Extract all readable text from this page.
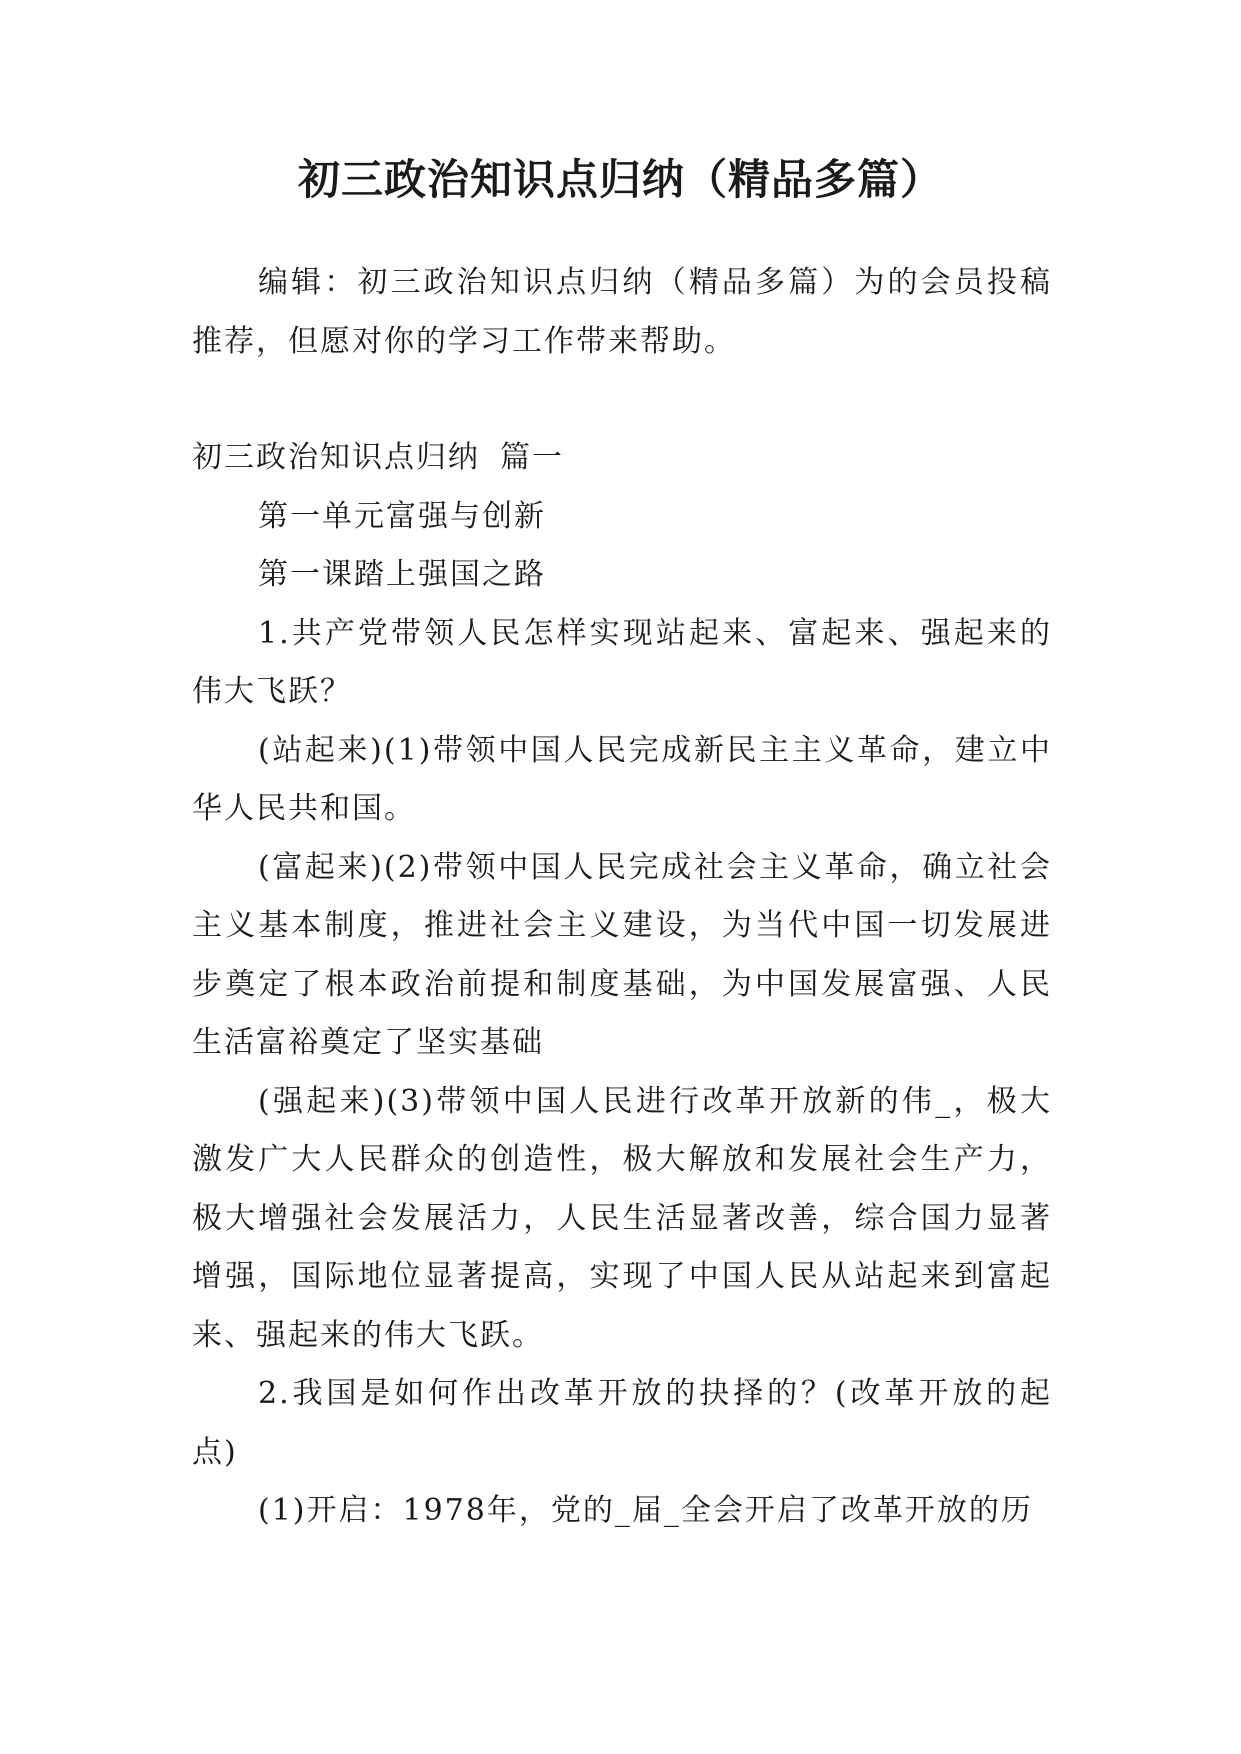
初三政治知识点归纳（精品多篇）

编辑：初三政治知识点归纳（精品多篇）为的会员投稿推荐，但愿对你的学习工作带来帮助。

初三政治知识点归纳 篇一

第一单元富强与创新

第一课踏上强国之路

1.共产党带领人民怎样实现站起来、富起来、强起来的伟大飞跃？

(站起来)(1)带领中国人民完成新民主主义革命，建立中华人民共和国。

(富起来)(2)带领中国人民完成社会主义革命，确立社会主义基本制度，推进社会主义建设，为当代中国一切发展进步奠定了根本政治前提和制度基础，为中国发展富强、人民生活富裕奠定了坚实基础

(强起来)(3)带领中国人民进行改革开放新的伟_，极大激发广大人民群众的创造性，极大解放和发展社会生产力，极大增强社会发展活力，人民生活显著改善，综合国力显著增强，国际地位显著提高，实现了中国人民从站起来到富起来、强起来的伟大飞跃。

2.我国是如何作出改革开放的抉择的？(改革开放的起点)

(1)开启：1978年，党的_届_全会开启了改革开放的历
